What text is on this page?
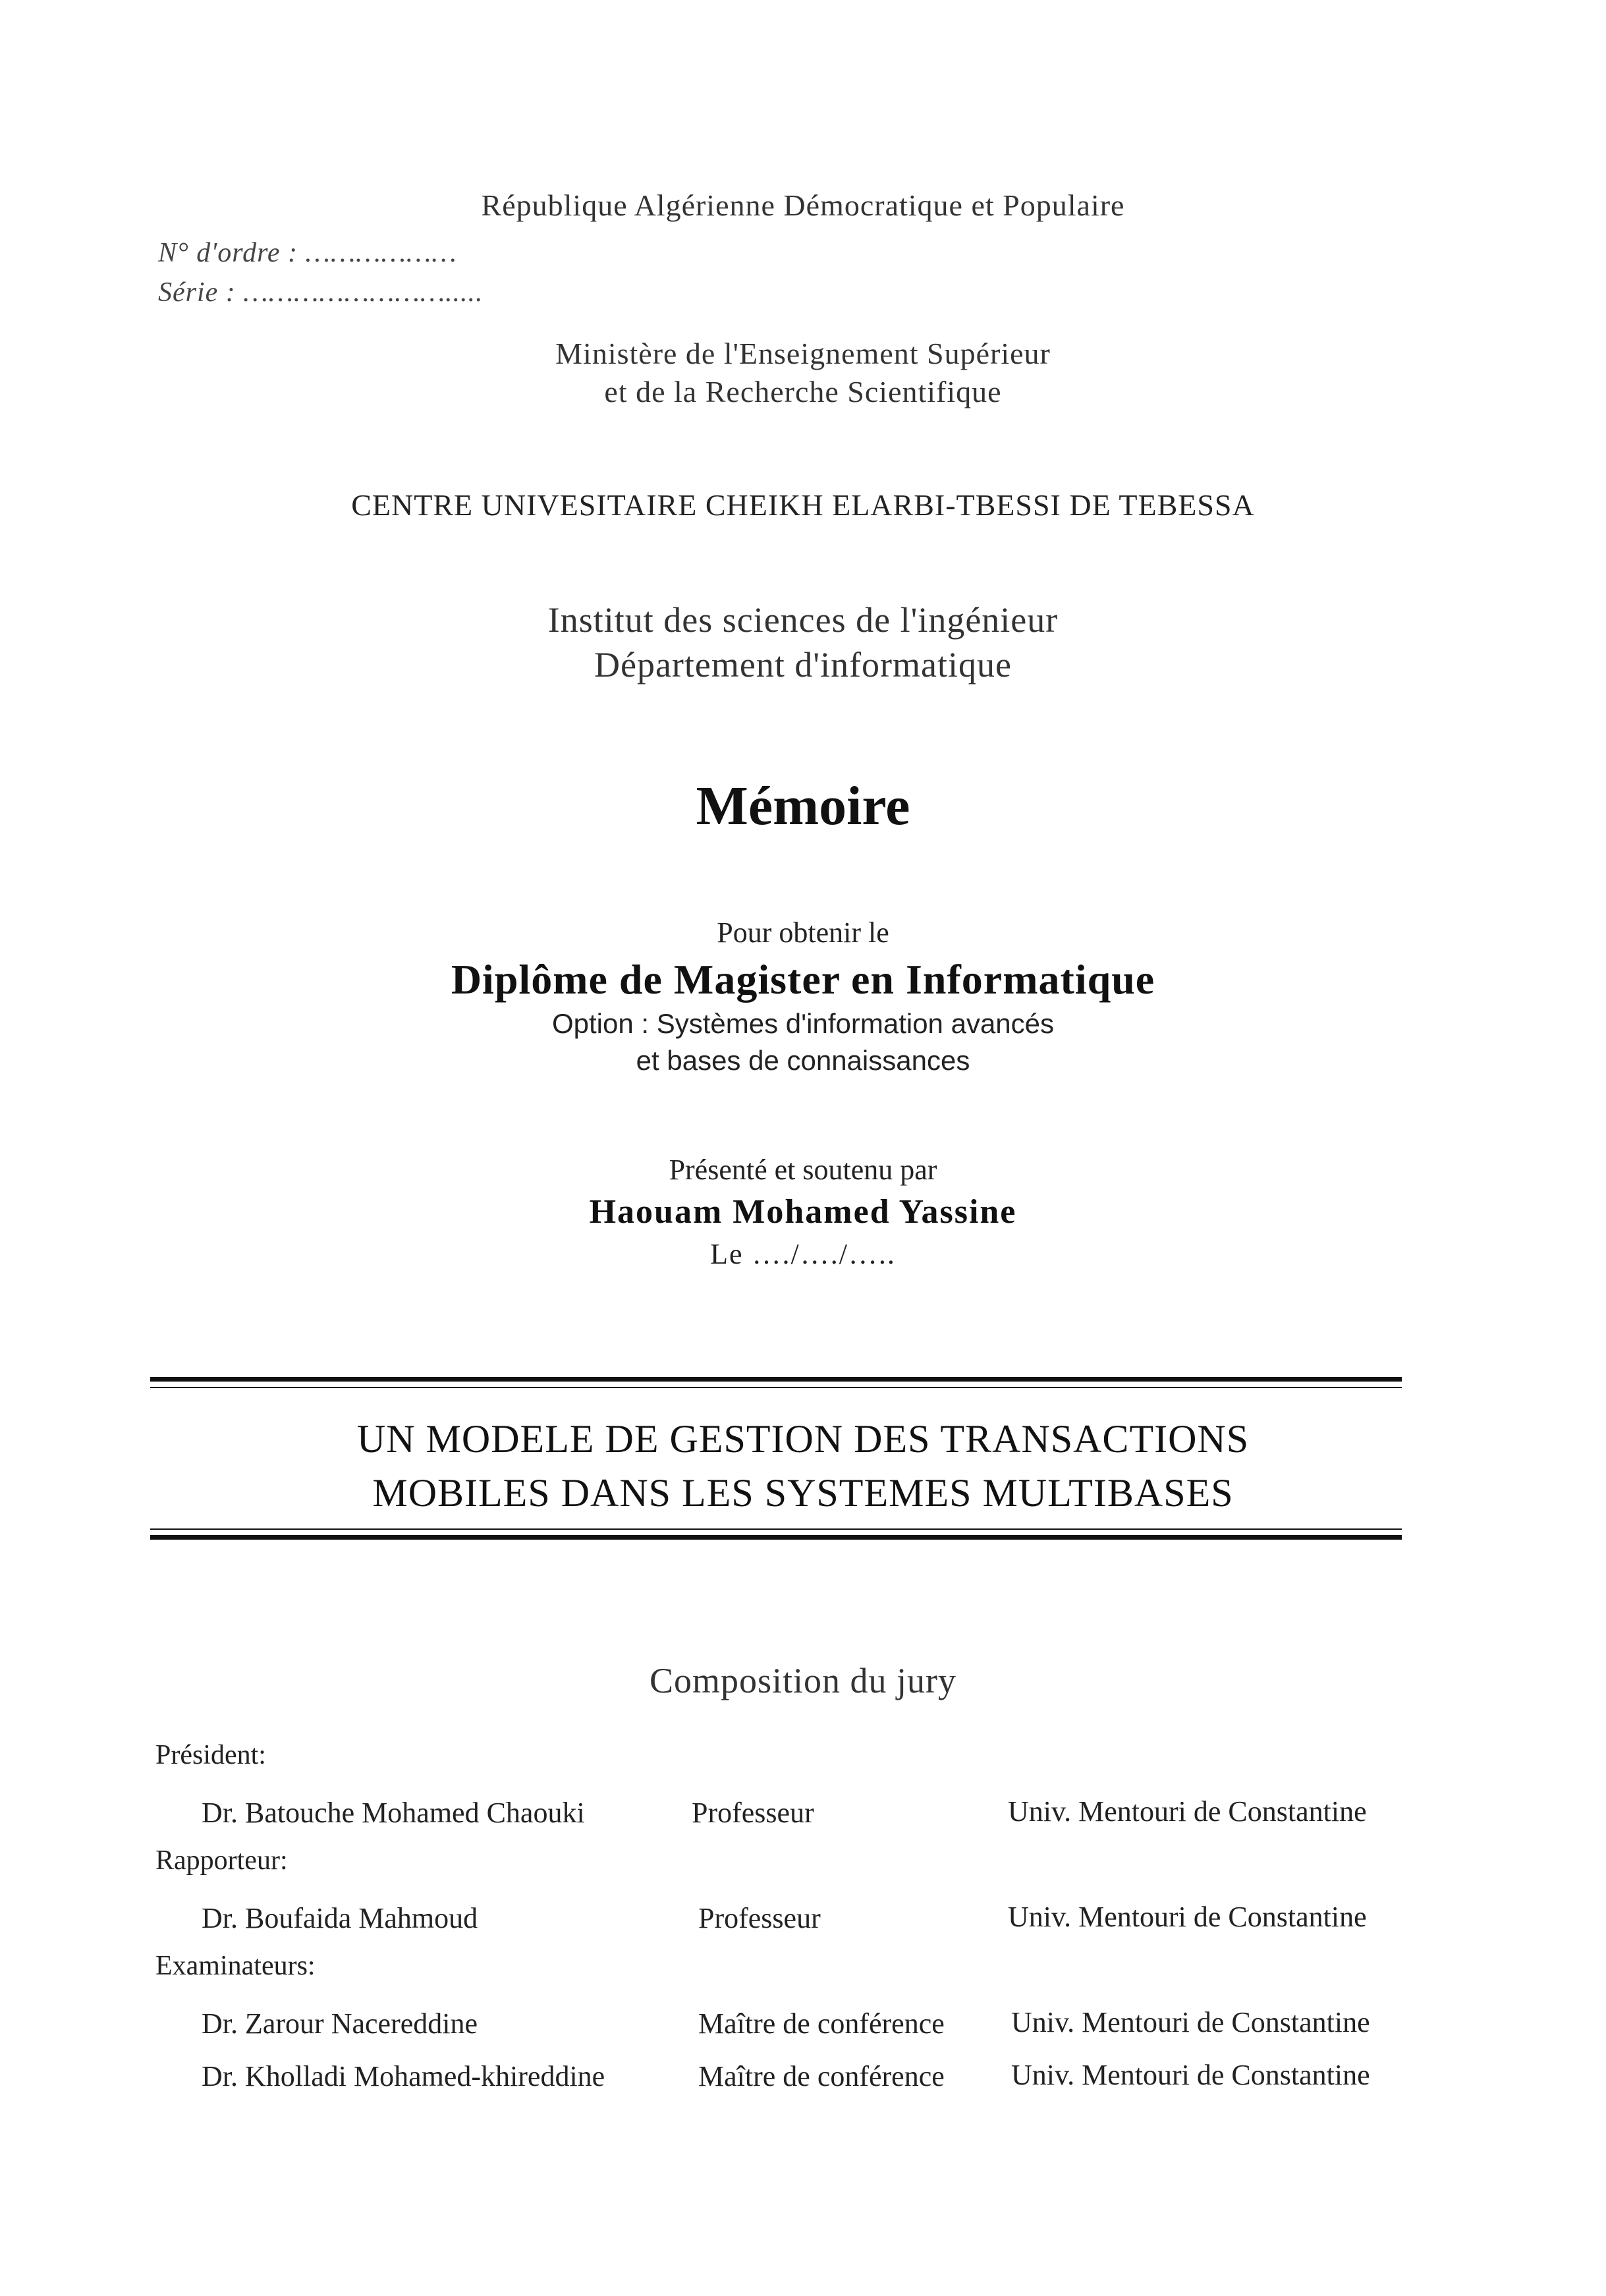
République Algérienne Démocratique et Populaire
N° d'ordre : ………………
Série : …………………….....
Ministère de l'Enseignement Supérieur
et de la Recherche Scientifique
CENTRE UNIVESITAIRE CHEIKH ELARBI-TBESSI DE TEBESSA
Institut des sciences de l'ingénieur
Département d'informatique
Mémoire
Pour obtenir le
Diplôme de Magister en Informatique
Option : Systèmes d'information avancés
et bases de connaissances
Présenté et soutenu par
Haouam Mohamed Yassine
Le …./…./…..
UN MODELE DE GESTION DES TRANSACTIONS
MOBILES DANS LES SYSTEMES MULTIBASES
Composition du jury
Président:
Dr. Batouche Mohamed Chaouki	Professeur	Univ. Mentouri de Constantine
Rapporteur:
Dr. Boufaida Mahmoud	Professeur	Univ. Mentouri de Constantine
Examinateurs:
Dr. Zarour Nacereddine	Maître de conférence Univ. Mentouri de Constantine
Dr. Kholladi Mohamed-khireddine	Maître de conférence Univ. Mentouri de Constantine
